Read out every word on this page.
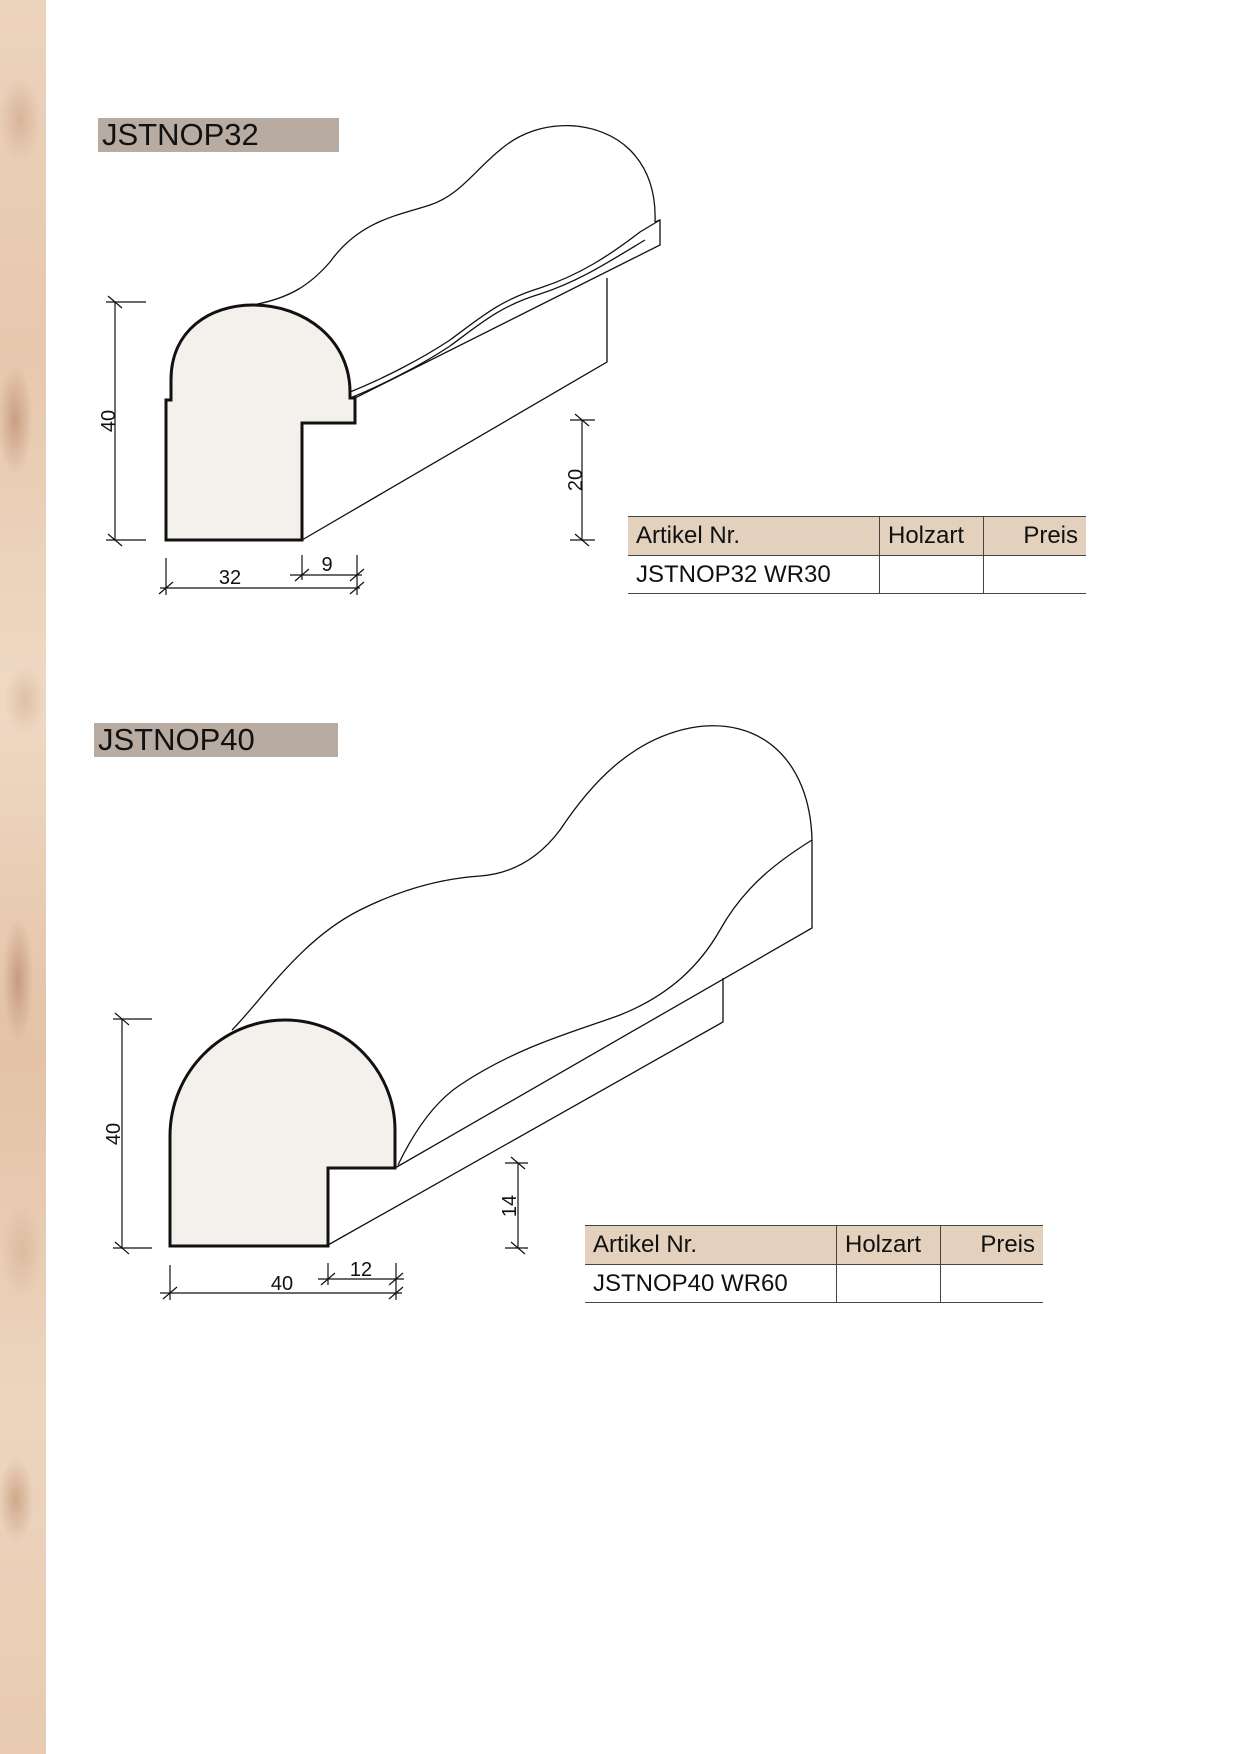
JSTNOP32
40
20
32
9
40
14
40
12
Artikel Nr.	Holzart	Preis
JSTNOP32 WR30		
JSTNOP40
Artikel Nr.	Holzart	Preis
JSTNOP40 WR60		
